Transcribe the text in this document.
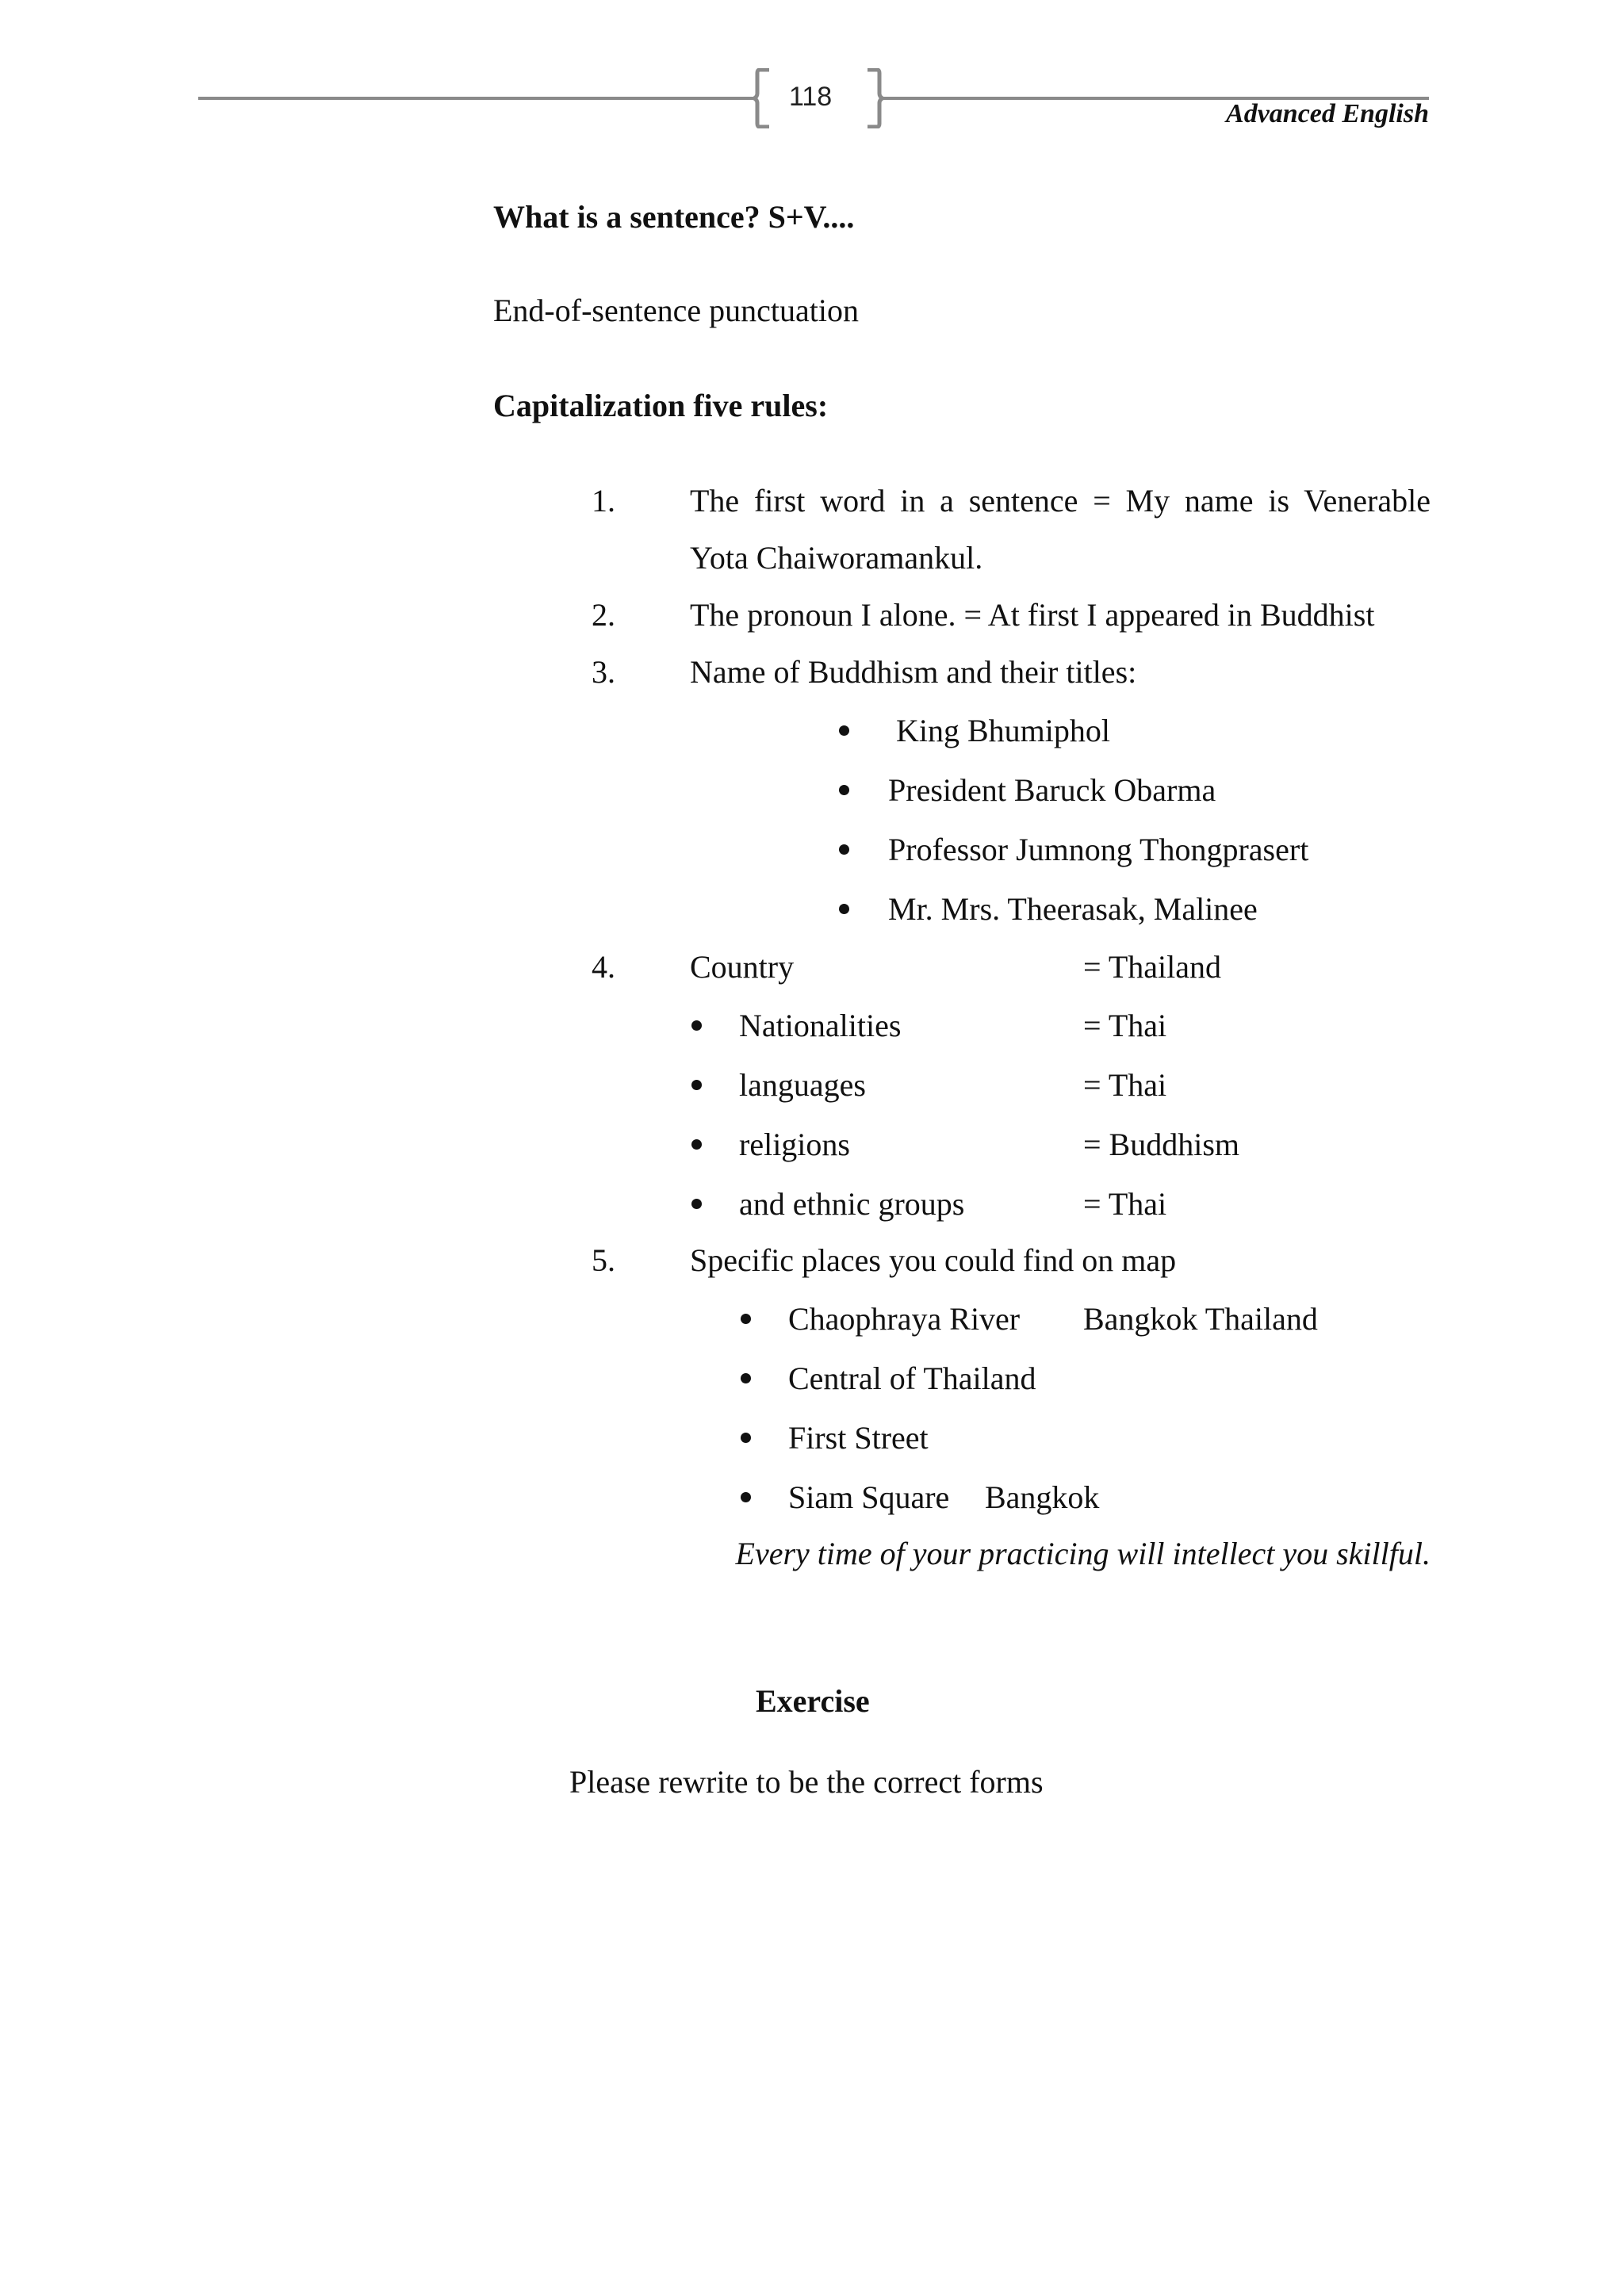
118
Advanced English
What is a sentence? S+V....
End-of-sentence punctuation
Capitalization five rules:
1. The first word in a sentence = My name is Venerable
Yota Chaiworamankul.
2. The pronoun I alone. = At first I appeared in Buddhist
3. Name of Buddhism and their titles:
King Bhumiphol
President Baruck Obarma
Professor Jumnong Thongprasert
Mr. Mrs. Theerasak, Malinee
4. Country	= Thailand
Nationalities	= Thai
languages	= Thai
religions	= Buddhism
and ethnic groups	= Thai
5. Specific places you could find on map
Chaophraya River Bangkok Thailand
Central of Thailand
First Street
Siam Square Bangkok
Every time of your practicing will intellect you skillful.
Exercise
Please rewrite to be the correct forms
